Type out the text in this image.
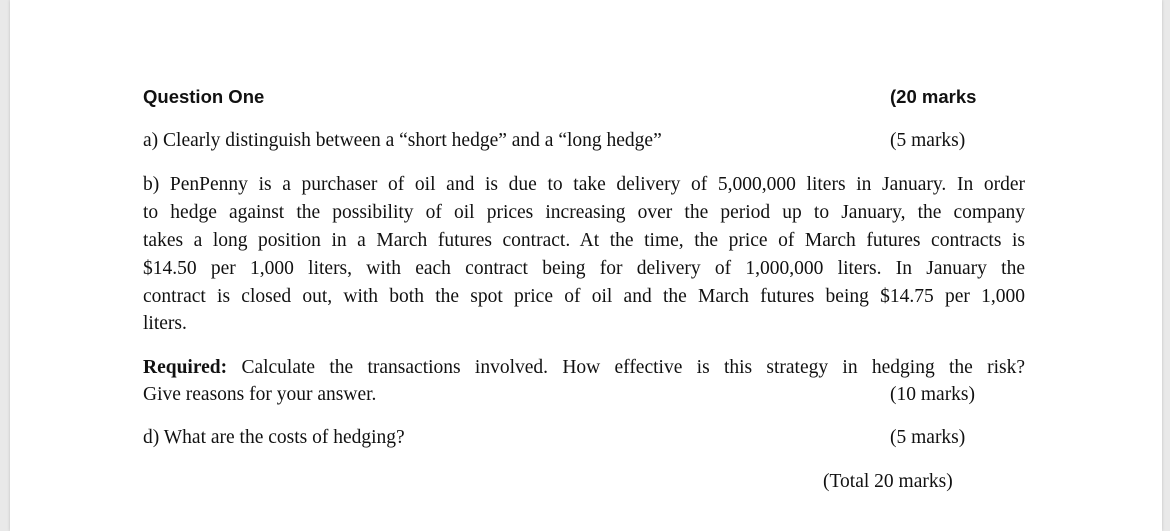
Question One	(20 marks
a) Clearly distinguish between a “short hedge” and a “long hedge”	(5 marks)
b) PenPenny is a purchaser of oil and is due to take delivery of 5,000,000 liters in January. In order
to hedge against the possibility of oil prices increasing over the period up to January, the company
takes a long position in a March futures contract. At the time, the price of March futures contracts is
$14.50 per 1,000 liters, with each contract being for delivery of 1,000,000 liters. In January the
contract is closed out, with both the spot price of oil and the March futures being $14.75 per 1,000
liters.
Required: Calculate the transactions involved. How effective is this strategy in hedging the risk?
Give reasons for your answer.	(10 marks)
d) What are the costs of hedging?	(5 marks)
(Total 20 marks)
